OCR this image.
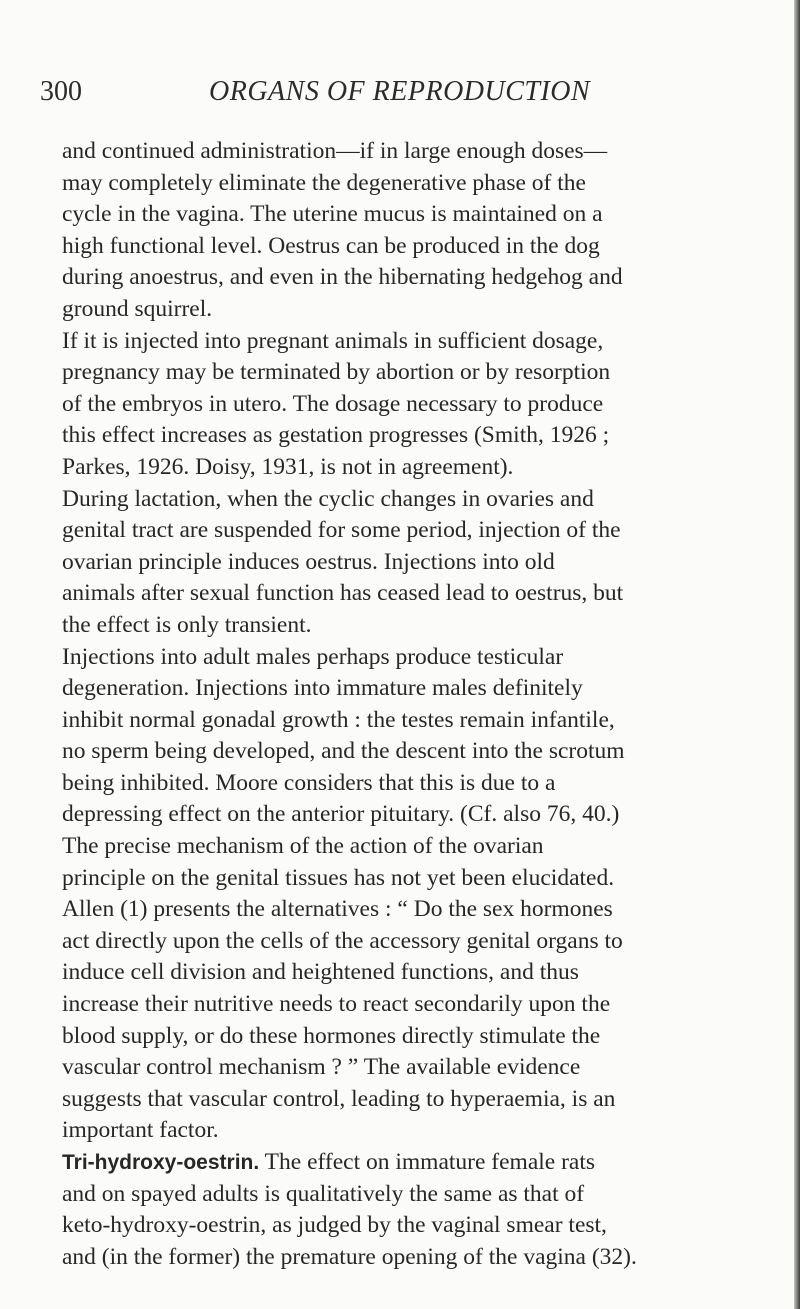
300	ORGANS OF REPRODUCTION

and continued administration—if in large enough doses—
may completely eliminate the degenerative phase of the
cycle in the vagina. The uterine mucus is maintained on a
high functional level. Oestrus can be produced in the dog
during anoestrus, and even in the hibernating hedgehog and
ground squirrel.

If it is injected into pregnant animals in sufficient dosage,
pregnancy may be terminated by abortion or by resorption
of the embryos in utero. The dosage necessary to produce
this effect increases as gestation progresses (Smith, 1926 ;
Parkes, 1926. Doisy, 1931, is not in agreement).

During lactation, when the cyclic changes in ovaries and
genital tract are suspended for some period, injection of the
ovarian principle induces oestrus. Injections into old
animals after sexual function has ceased lead to oestrus, but
the effect is only transient.

Injections into adult males perhaps produce testicular
degeneration. Injections into immature males definitely
inhibit normal gonadal growth : the testes remain infantile,
no sperm being developed, and the descent into the scrotum
being inhibited. Moore considers that this is due to a
depressing effect on the anterior pituitary. (Cf. also 76, 40.)

The precise mechanism of the action of the ovarian
principle on the genital tissues has not yet been elucidated.
Allen (1) presents the alternatives : “ Do the sex hormones
act directly upon the cells of the accessory genital organs to
induce cell division and heightened functions, and thus
increase their nutritive needs to react secondarily upon the
blood supply, or do these hormones directly stimulate the
vascular control mechanism ? ” The available evidence
suggests that vascular control, leading to hyperaemia, is an
important factor.

Tri-hydroxy-oestrin. The effect on immature female rats
and on spayed adults is qualitatively the same as that of
keto-hydroxy-oestrin, as judged by the vaginal smear test,
and (in the former) the premature opening of the vagina (32).
